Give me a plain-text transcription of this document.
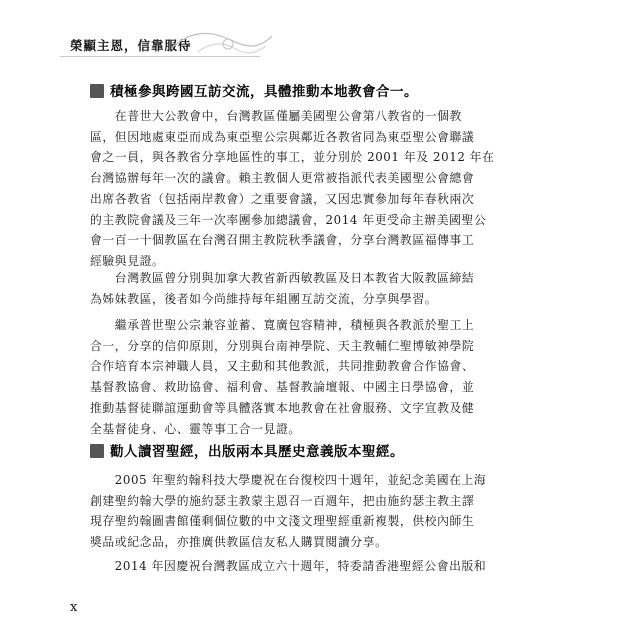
榮顯主恩，信靠服侍
積極參與跨國互訪交流，具體推動本地教會合一。
　　在普世大公教會中，台灣教區僅屬美國聖公會第八教省的一個教
區，但因地處東亞而成為東亞聖公宗與鄰近各教省同為東亞聖公會聯議
會之一員，與各教省分享地區性的事工，並分別於 2001 年及 2012 年在
台灣協辦每年一次的議會。賴主教個人更常被指派代表美國聖公會總會
出席各教省（包括兩岸教會）之重要會議，又因忠實參加每年春秋兩次
的主教院會議及三年一次率團參加總議會，2014 年更受命主辦美國聖公
會一百一十個教區在台灣召開主教院秋季議會，分享台灣教區福傳事工
經驗與見證。
　　台灣教區曾分別與加拿大教省新西敏教區及日本教省大阪教區締結
為姊妹教區，後者如今尚維持每年組團互訪交流，分享與學習。
　　繼承普世聖公宗兼容並蓄、寬廣包容精神，積極與各教派於聖工上
合一，分享的信仰原則，分別與台南神學院、天主教輔仁聖博敏神學院
合作培育本宗神職人員，又主動和其他教派，共同推動教會合作協會、
基督教協會、救助協會、福利會、基督教論壇報、中國主日學協會，並
推動基督徒聯誼運動會等具體落實本地教會在社會服務、文字宣教及健
全基督徒身、心、靈等事工合一見證。
勸人讀習聖經，出版兩本具歷史意義版本聖經。
　　2005 年聖約翰科技大學慶祝在台復校四十週年，並紀念美國在上海
創建聖約翰大學的施約瑟主教蒙主恩召一百週年，把由施約瑟主教主譯
現存聖約翰圖書館僅剩個位數的中文淺文理聖經重新複製，供校內師生
獎品或紀念品，亦推廣供教區信友私人購買閱讀分享。
　　2014 年因慶祝台灣教區成立六十週年，特委請香港聖經公會出版和
x
